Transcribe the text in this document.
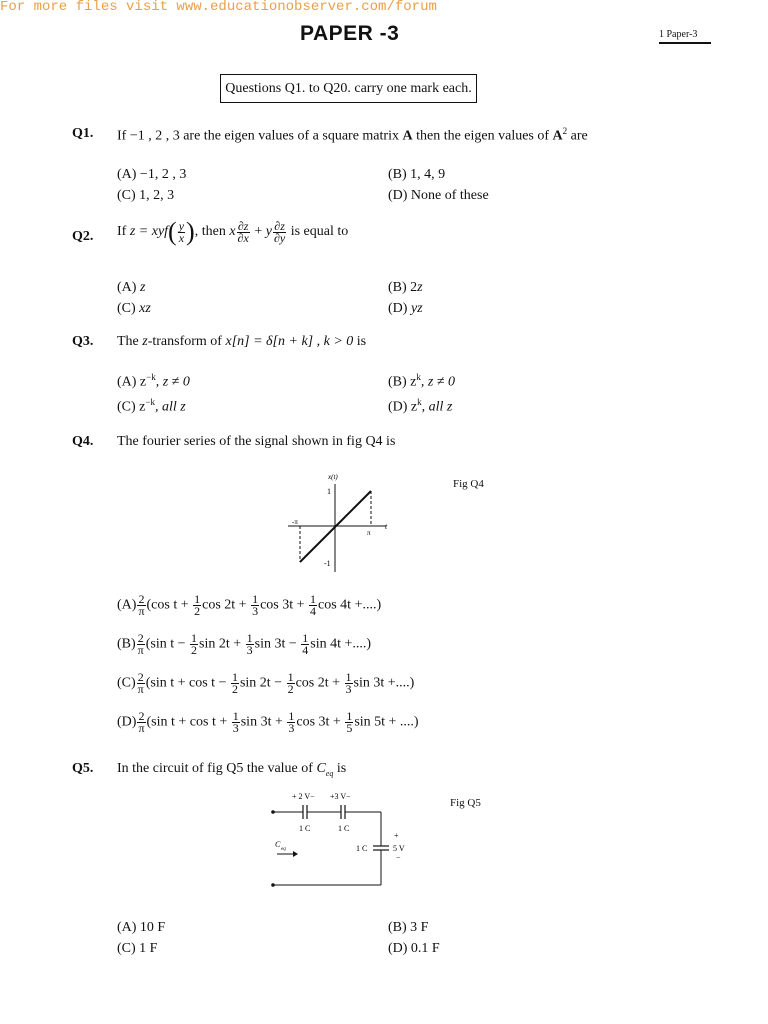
For more files visit www.educationobserver.com/forum
PAPER -3	1 Paper-3
Questions Q1. to Q20. carry one mark each.
Q1. If −1 , 2 , 3 are the eigen values of a square matrix A then the eigen values of $A^2$ are
(A) −1, 2 , 3	(B) 1, 4, 9
(C) 1, 2, 3	(D) None of these
Q2. If $z = xyf( \frac{y}{x}$ ), then x $\frac{\partial z}{\partial x} + y \frac{\partial z}{\partial y}$ is equal to
(A) z	(B) 2z
(C) xz	(D) yz
Q3. The z-transform of x[n] = δ[n + k] , k > 0 is
(A) $z^{-k}$, z ≠ 0	(B) $z^k$, z ≠ 0
(C) $z^{-k}$, all z	(D) $z^k$, all z
Q4. The fourier series of the signal shown in fig Q4 is
Fig Q4
x(t)
t
1
-1
-π
π
$(A) \frac{2}{\pi} (\cos$ $t + \frac{1}{2}$ $\cos 2t + \frac{1}{3}$ $\cos 3t + \frac{1}{4}$ cos 4t +....)
$(B) \frac{2}{\pi} (\sin$ $t - \frac{1}{2}$ $\sin 2t + \frac{1}{3}$ $\sin 3t - \frac{1}{4}$ sin 4t +....)
$(C) \frac{2}{\pi} (\sin$ $t + \cos t - \frac{1}{2}$ $\sin 2t - \frac{1}{2}$ $\cos 2t + \frac{1}{3}$ sin 3t +....)
$(D) \frac{2}{\pi} (\sin$ $t + \cos t + \frac{1}{3}$ $\sin 3t + \frac{1}{3}$ $\cos 3t + \frac{1}{5}$ sin 5t + ....)
Q5. In the circuit of fig Q5 the value of $C_{eq}$ is
Fig Q5
+ 2 V− +3 V−
1 C	1 C
1 C
+
5 V
−
C
eq
(A) 10 F	(B) 3 F
(C) 1 F	(D) 0.1 F
